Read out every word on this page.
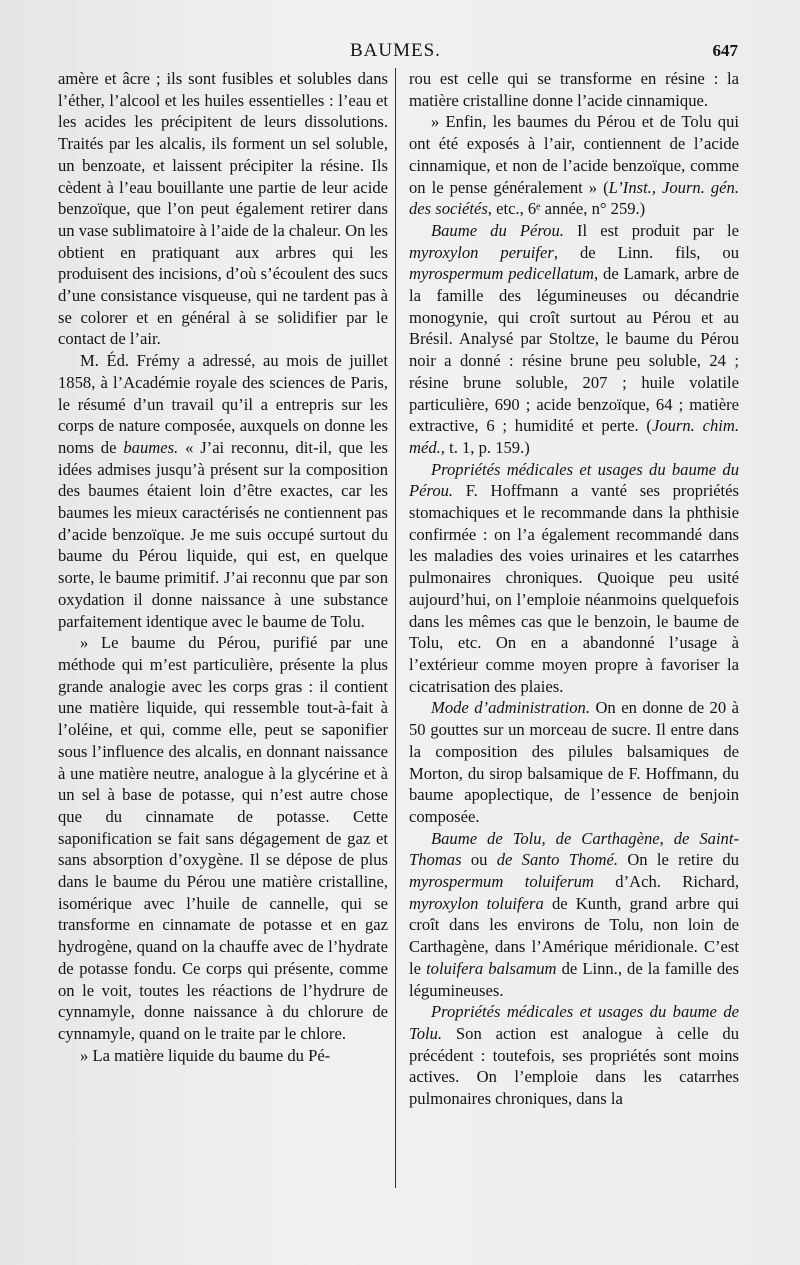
BAUMES.	647

amère et âcre ; ils sont fusibles et solubles dans l’éther, l’alcool et les huiles essentielles : l’eau et les acides les précipitent de leurs dissolutions. Traités par les alcalis, ils forment un sel soluble, un benzoate, et laissent précipiter la résine. Ils cèdent à l’eau bouillante une partie de leur acide benzoïque, que l’on peut également retirer dans un vase sublimatoire à l’aide de la chaleur. On les obtient en pratiquant aux arbres qui les produisent des incisions, d’où s’écoulent des sucs d’une consistance visqueuse, qui ne tardent pas à se colorer et en général à se solidifier par le contact de l’air.

M. Éd. Frémy a adressé, au mois de juillet 1858, à l’Académie royale des sciences de Paris, le résumé d’un travail qu’il a entrepris sur les corps de nature composée, auxquels on donne les noms de baumes. « J’ai reconnu, dit-il, que les idées admises jusqu’à présent sur la composition des baumes étaient loin d’être exactes, car les baumes les mieux caractérisés ne contiennent pas d’acide benzoïque. Je me suis occupé surtout du baume du Pérou liquide, qui est, en quelque sorte, le baume primitif. J’ai reconnu que par son oxydation il donne naissance à une substance parfaitement identique avec le baume de Tolu.

» Le baume du Pérou, purifié par une méthode qui m’est particulière, présente la plus grande analogie avec les corps gras : il contient une matière liquide, qui ressemble tout-à-fait à l’oléine, et qui, comme elle, peut se saponifier sous l’influence des alcalis, en donnant naissance à une matière neutre, analogue à la glycérine et à un sel à base de potasse, qui n’est autre chose que du cinnamate de potasse. Cette saponification se fait sans dégagement de gaz et sans absorption d’oxygène. Il se dépose de plus dans le baume du Pérou une matière cristalline, isomérique avec l’huile de cannelle, qui se transforme en cinnamate de potasse et en gaz hydrogène, quand on la chauffe avec de l’hydrate de potasse fondu. Ce corps qui présente, comme on le voit, toutes les réactions de l’hydrure de cynnamyle, donne naissance à du chlorure de cynnamyle, quand on le traite par le chlore.

» La matière liquide du baume du Pé-

rou est celle qui se transforme en résine : la matière cristalline donne l’acide cinnamique.

» Enfin, les baumes du Pérou et de Tolu qui ont été exposés à l’air, contiennent de l’acide cinnamique, et non de l’acide benzoïque, comme on le pense généralement » (L’Inst., Journ. gén. des sociétés, etc., 6ᵉ année, n° 259.)

Baume du Pérou. Il est produit par le myroxylon peruifer, de Linn. fils, ou myrospermum pedicellatum, de Lamark, arbre de la famille des légumineuses ou décandrie monogynie, qui croît surtout au Pérou et au Brésil. Analysé par Stoltze, le baume du Pérou noir a donné : résine brune peu soluble, 24 ; résine brune soluble, 207 ; huile volatile particulière, 690 ; acide benzoïque, 64 ; matière extractive, 6 ; humidité et perte. (Journ. chim. méd., t. 1, p. 159.)

Propriétés médicales et usages du baume du Pérou. F. Hoffmann a vanté ses propriétés stomachiques et le recommande dans la phthisie confirmée : on l’a également recommandé dans les maladies des voies urinaires et les catarrhes pulmonaires chroniques. Quoique peu usité aujourd’hui, on l’emploie néanmoins quelquefois dans les mêmes cas que le benzoin, le baume de Tolu, etc. On en a abandonné l’usage à l’extérieur comme moyen propre à favoriser la cicatrisation des plaies.

Mode d’administration. On en donne de 20 à 50 gouttes sur un morceau de sucre. Il entre dans la composition des pilules balsamiques de Morton, du sirop balsamique de F. Hoffmann, du baume apoplectique, de l’essence de benjoin composée.

Baume de Tolu, de Carthagène, de Saint-Thomas ou de Santo Thomé. On le retire du myrospermum toluiferum d’Ach. Richard, myroxylon toluifera de Kunth, grand arbre qui croît dans les environs de Tolu, non loin de Carthagène, dans l’Amérique méridionale. C’est le toluifera balsamum de Linn., de la famille des légumineuses.

Propriétés médicales et usages du baume de Tolu. Son action est analogue à celle du précédent : toutefois, ses propriétés sont moins actives. On l’emploie dans les catarrhes pulmonaires chroniques, dans la
